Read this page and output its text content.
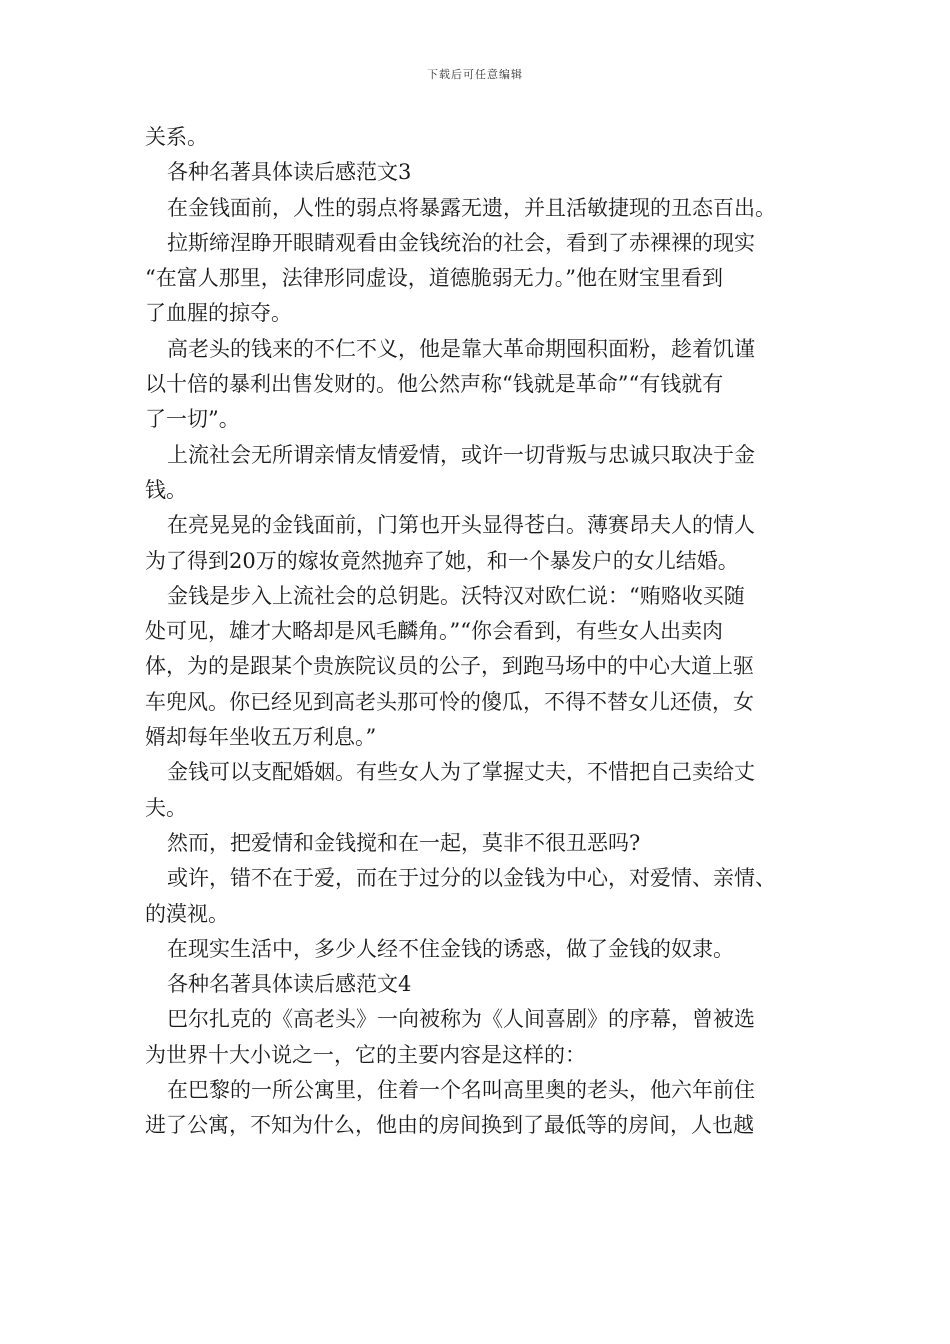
下载后可任意编辑

关系。

各种名著具体读后感范文3

在金钱面前，人性的弱点将暴露无遗，并且活敏捷现的丑态百出。

拉斯缔涅睁开眼睛观看由金钱统治的社会，看到了赤裸裸的现实

“在富人那里，法律形同虚设，道德脆弱无力。”他在财宝里看到

了血腥的掠夺。

高老头的钱来的不仁不义，他是靠大革命期囤积面粉，趁着饥谨

以十倍的暴利出售发财的。他公然声称“钱就是革命”“有钱就有

了一切”。

上流社会无所谓亲情友情爱情，或许一切背叛与忠诚只取决于金

钱。

在亮晃晃的金钱面前，门第也开头显得苍白。薄赛昂夫人的情人

为了得到20万的嫁妆竟然抛弃了她，和一个暴发户的女儿结婚。

金钱是步入上流社会的总钥匙。沃特汉对欧仁说：“贿赂收买随

处可见，雄才大略却是风毛麟角。”“你会看到，有些女人出卖肉

体，为的是跟某个贵族院议员的公子，到跑马场中的中心大道上驱

车兜风。你已经见到高老头那可怜的傻瓜，不得不替女儿还债，女

婿却每年坐收五万利息。”

金钱可以支配婚姻。有些女人为了掌握丈夫，不惜把自己卖给丈

夫。

然而，把爱情和金钱搅和在一起，莫非不很丑恶吗?

或许，错不在于爱，而在于过分的以金钱为中心，对爱情、亲情、

的漠视。

在现实生活中，多少人经不住金钱的诱惑，做了金钱的奴隶。

各种名著具体读后感范文4

巴尔扎克的《高老头》一向被称为《人间喜剧》的序幕，曾被选

为世界十大小说之一，它的主要内容是这样的：

在巴黎的一所公寓里，住着一个名叫高里奥的老头，他六年前住

进了公寓，不知为什么，他由的房间换到了最低等的房间，人也越
